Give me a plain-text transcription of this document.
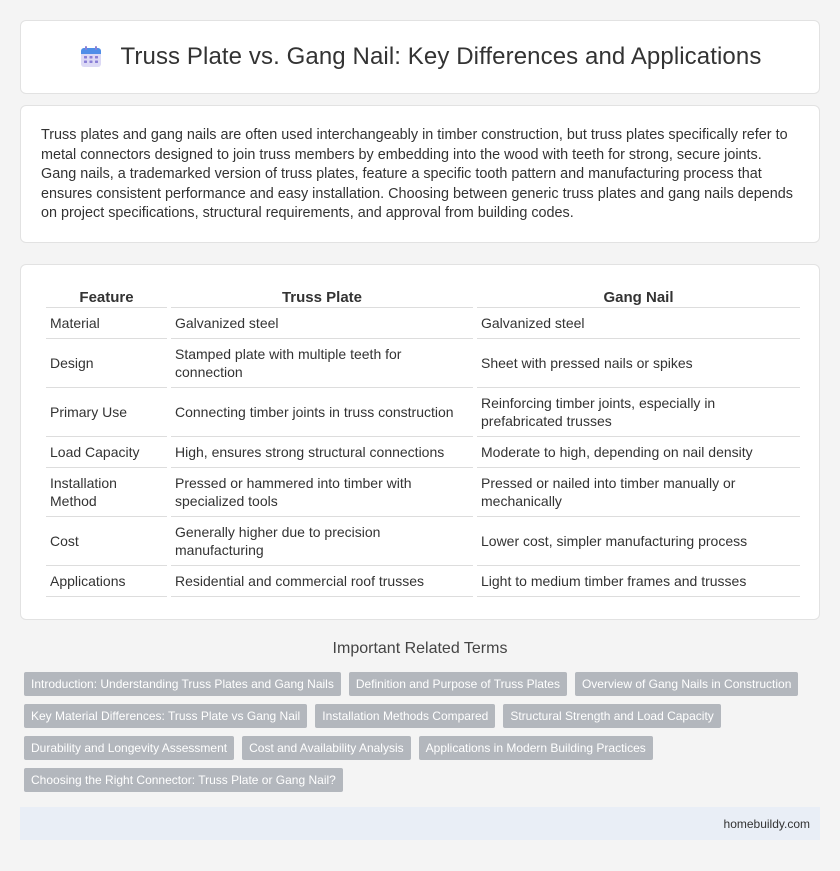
Truss Plate vs. Gang Nail: Key Differences and Applications

Truss plates and gang nails are often used interchangeably in timber construction, but truss plates specifically refer to metal connectors designed to join truss members by embedding into the wood with teeth for strong, secure joints. Gang nails, a trademarked version of truss plates, feature a specific tooth pattern and manufacturing process that ensures consistent performance and easy installation. Choosing between generic truss plates and gang nails depends on project specifications, structural requirements, and approval from building codes.

Feature	Truss Plate	Gang Nail
Material	Galvanized steel	Galvanized steel
Design	Stamped plate with multiple teeth for connection	Sheet with pressed nails or spikes
Primary Use	Connecting timber joints in truss construction	Reinforcing timber joints, especially in prefabricated trusses
Load Capacity	High, ensures strong structural connections	Moderate to high, depending on nail density
Installation Method	Pressed or hammered into timber with specialized tools	Pressed or nailed into timber manually or mechanically
Cost	Generally higher due to precision manufacturing	Lower cost, simpler manufacturing process
Applications	Residential and commercial roof trusses	Light to medium timber frames and trusses
Important Related Terms
Introduction: Understanding Truss Plates and Gang Nails	Definition and Purpose of Truss Plates	Overview of Gang Nails in Construction
Key Material Differences: Truss Plate vs Gang Nail	Installation Methods Compared	Structural Strength and Load Capacity
Durability and Longevity Assessment	Cost and Availability Analysis	Applications in Modern Building Practices
Choosing the Right Connector: Truss Plate or Gang Nail?
homebuildy.com
